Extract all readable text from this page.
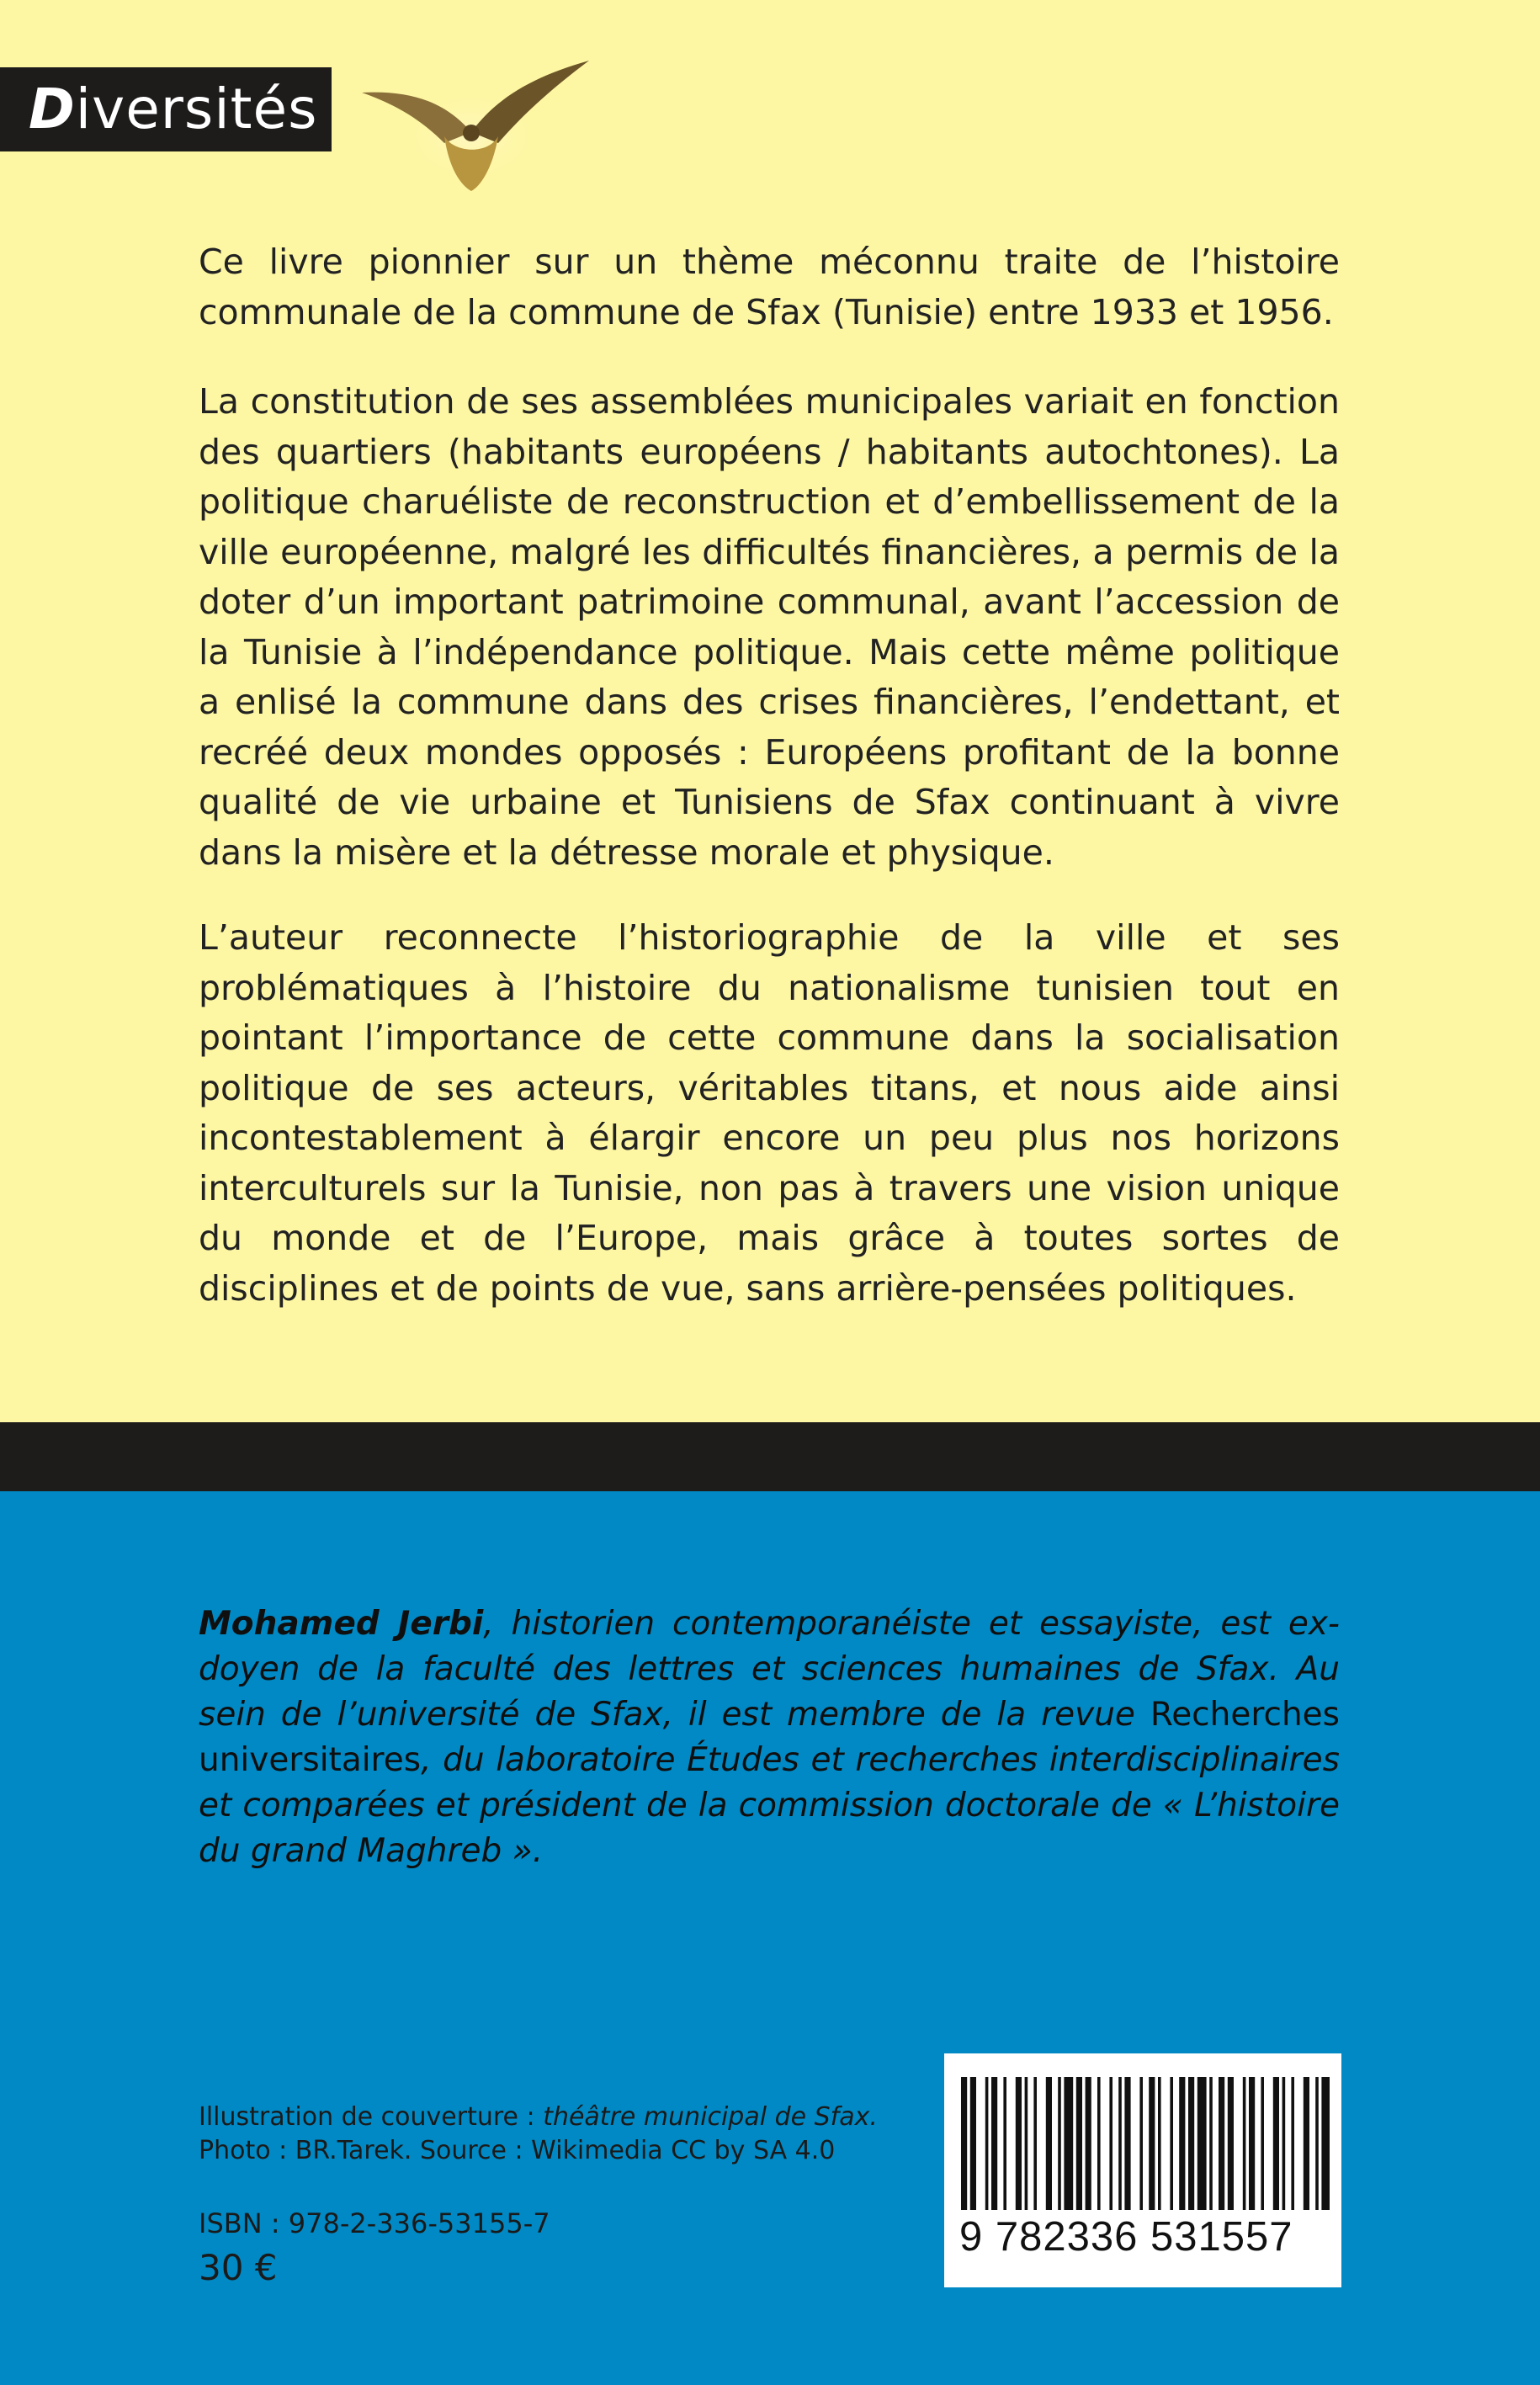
Diversités

Ce livre pionnier sur un thème méconnu traite de l’histoire communale de la commune de Sfax (Tunisie) entre 1933 et 1956.

La constitution de ses assemblées municipales variait en fonction des quartiers (habitants européens / habitants autochtones). La politique charuéliste de reconstruction et d’embellissement de la ville européenne, malgré les difficultés financières, a permis de la doter d’un important patrimoine communal, avant l’accession de la Tunisie à l’indépendance politique. Mais cette même politique a enlisé la commune dans des crises financières, l’endettant, et recréé deux mondes opposés : Européens profitant de la bonne qualité de vie urbaine et Tunisiens de Sfax continuant à vivre dans la misère et la détresse morale et physique.

L’auteur reconnecte l’historiographie de la ville et ses problématiques à l’histoire du nationalisme tunisien tout en pointant l’importance de cette commune dans la socialisation politique de ses acteurs, véritables titans, et nous aide ainsi incontestablement à élargir encore un peu plus nos horizons interculturels sur la Tunisie, non pas à travers une vision unique du monde et de l’Europe, mais grâce à toutes sortes de disciplines et de points de vue, sans arrière-pensées politiques.

Mohamed Jerbi, historien contemporanéiste et essayiste, est ex-doyen de la faculté des lettres et sciences humaines de Sfax. Au sein de l’université de Sfax, il est membre de la revue Recherches universitaires, du laboratoire Études et recherches interdisciplinaires et comparées et président de la commission doctorale de « L’histoire du grand Maghreb ».

Illustration de couverture : théâtre municipal de Sfax.
Photo : BR.Tarek. Source : Wikimedia CC by SA 4.0

ISBN : 978-2-336-53155-7

30 €

9 782336 531557
